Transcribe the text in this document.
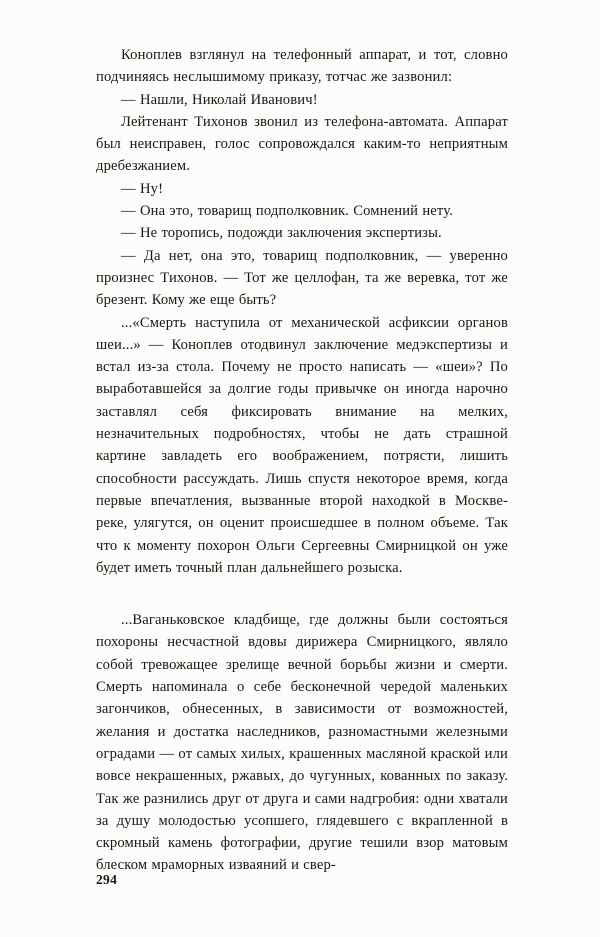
Коноплев взглянул на телефонный аппарат, и тот, словно подчиняясь неслышимому приказу, тотчас же зазвонил:

— Нашли, Николай Иванович!

Лейтенант Тихонов звонил из телефона-автомата. Аппарат был неисправен, голос сопровождался каким-то неприятным дребезжанием.

— Ну!

— Она это, товарищ подполковник. Сомнений нету.

— Не торопись, подожди заключения экспертизы.

— Да нет, она это, товарищ подполковник, — уверенно произнес Тихонов. — Тот же целлофан, та же веревка, тот же брезент. Кому же еще быть?

...«Смерть наступила от механической асфиксии органов шеи...» — Коноплев отодвинул заключение медэкспертизы и встал из-за стола. Почему не просто написать — «шеи»? По выработавшейся за долгие годы привычке он иногда нарочно заставлял себя фиксировать внимание на мелких, незначительных подробностях, чтобы не дать страшной картине завладеть его воображением, потрясти, лишить способности рассуждать. Лишь спустя некоторое время, когда первые впечатления, вызванные второй находкой в Москве-реке, улягутся, он оценит происшедшее в полном объеме. Так что к моменту похорон Ольги Сергеевны Смирницкой он уже будет иметь точный план дальнейшего розыска.

...Ваганьковское кладбище, где должны были состояться похороны несчастной вдовы дирижера Смирницкого, являло собой тревожащее зрелище вечной борьбы жизни и смерти. Смерть напоминала о себе бесконечной чередой маленьких загончиков, обнесенных, в зависимости от возможностей, желания и достатка наследников, разномастными железными оградами — от самых хилых, крашенных масляной краской или вовсе некрашенных, ржавых, до чугунных, кованных по заказу. Так же разнились друг от друга и сами надгробия: одни хватали за душу молодостью усопшего, глядевшего с вкрапленной в скромный камень фотографии, другие тешили взор матовым блеском мраморных изваяний и свер-

294
